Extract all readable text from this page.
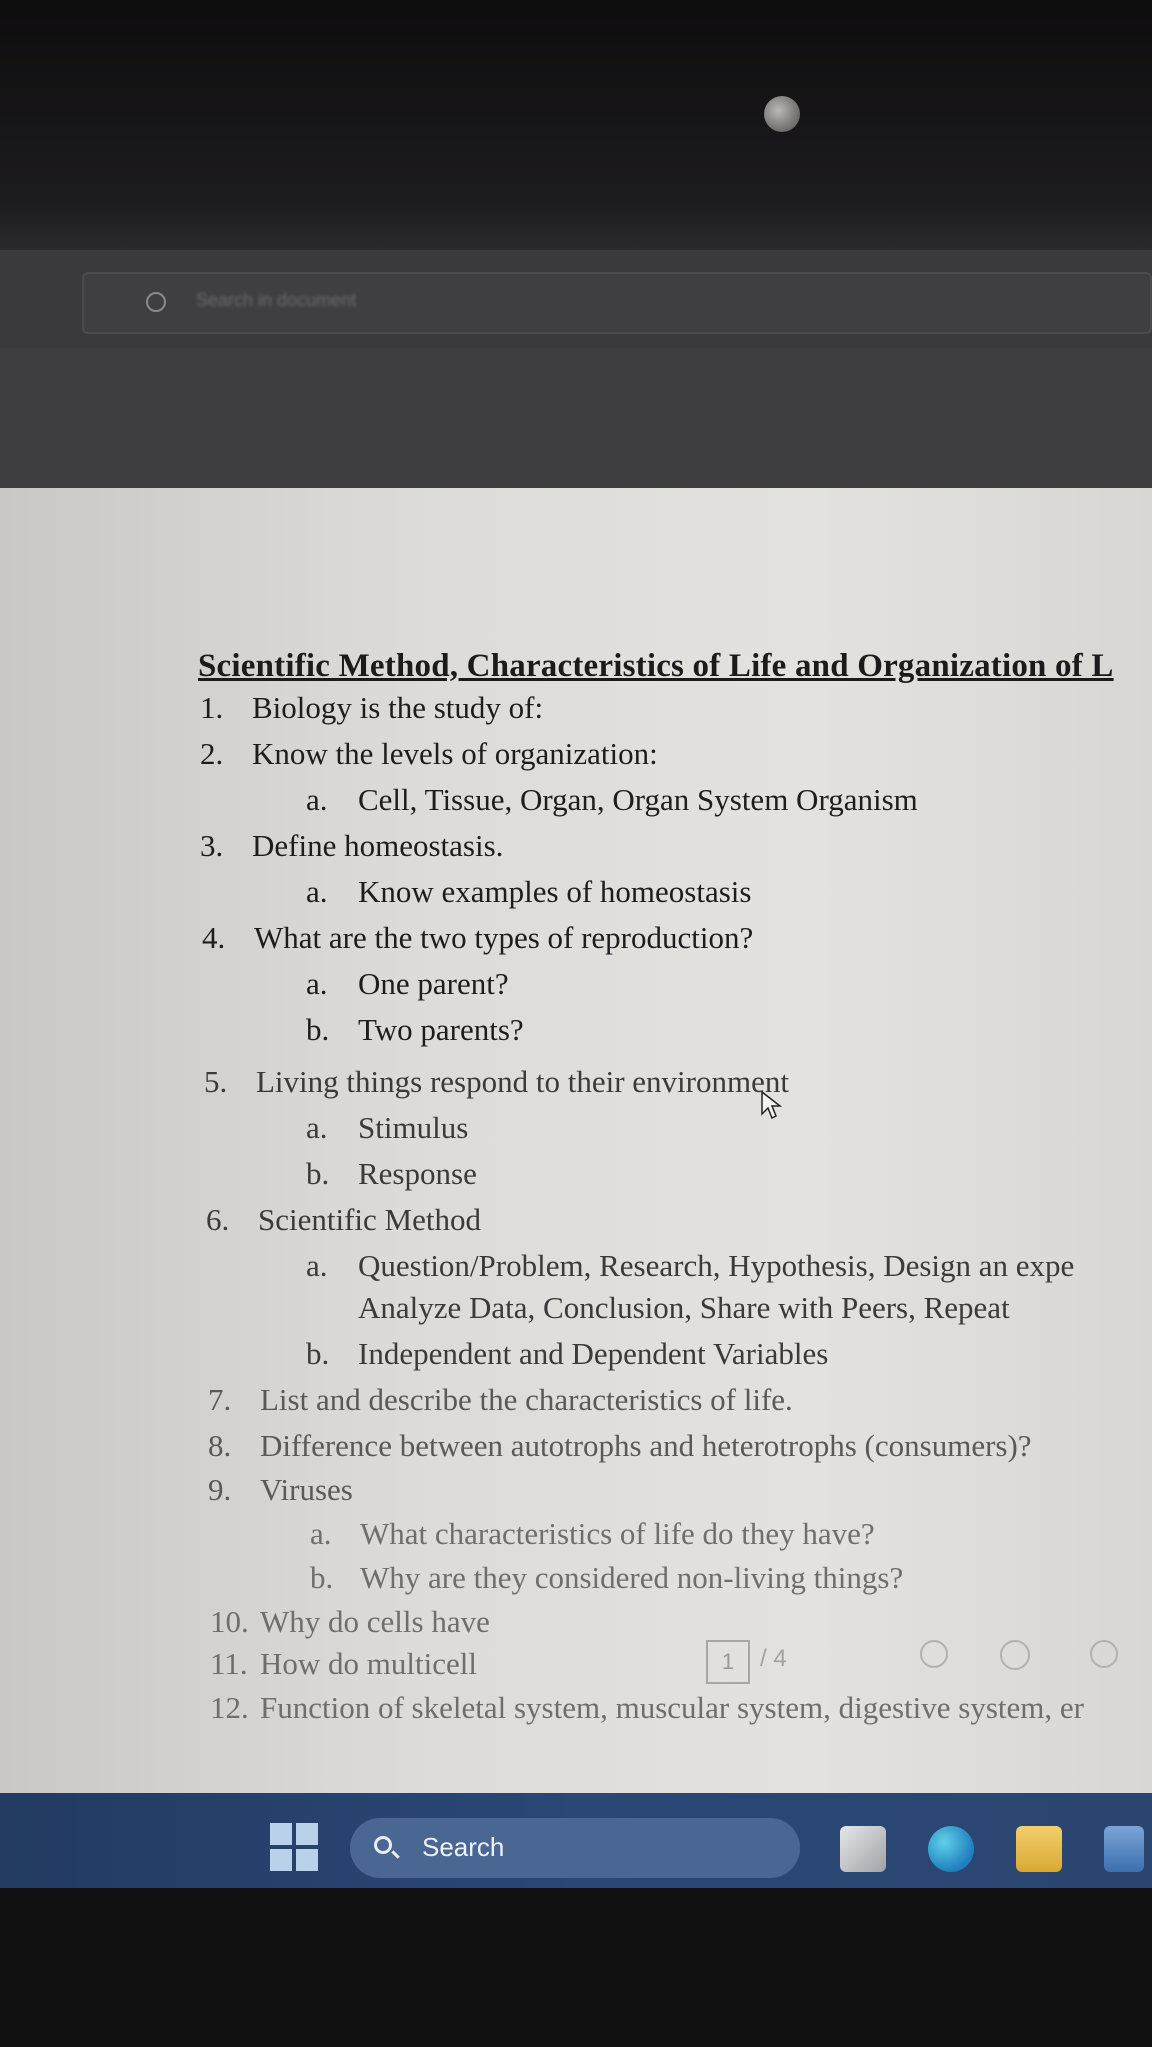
Search in document
Scientific Method, Characteristics of Life and Organization of L
1. Biology is the study of:
2. Know the levels of organization:
a. Cell, Tissue, Organ, Organ System Organism
3. Define homeostasis.
a. Know examples of homeostasis
4. What are the two types of reproduction?
a. One parent?
b. Two parents?
5. Living things respond to their environment
a. Stimulus
b. Response
6. Scientific Method
a. Question/Problem, Research, Hypothesis, Design an expe
Analyze Data, Conclusion, Share with Peers, Repeat
b. Independent and Dependent Variables
7. List and describe the characteristics of life.
8. Difference between autotrophs and heterotrophs (consumers)?
9. Viruses
a. What characteristics of life do they have?
b. Why are they considered non-living things?
10. Why do cells have
11. How do multicell
12. Function of skeletal system, muscular system, digestive system, er
1	/ 4
Search
